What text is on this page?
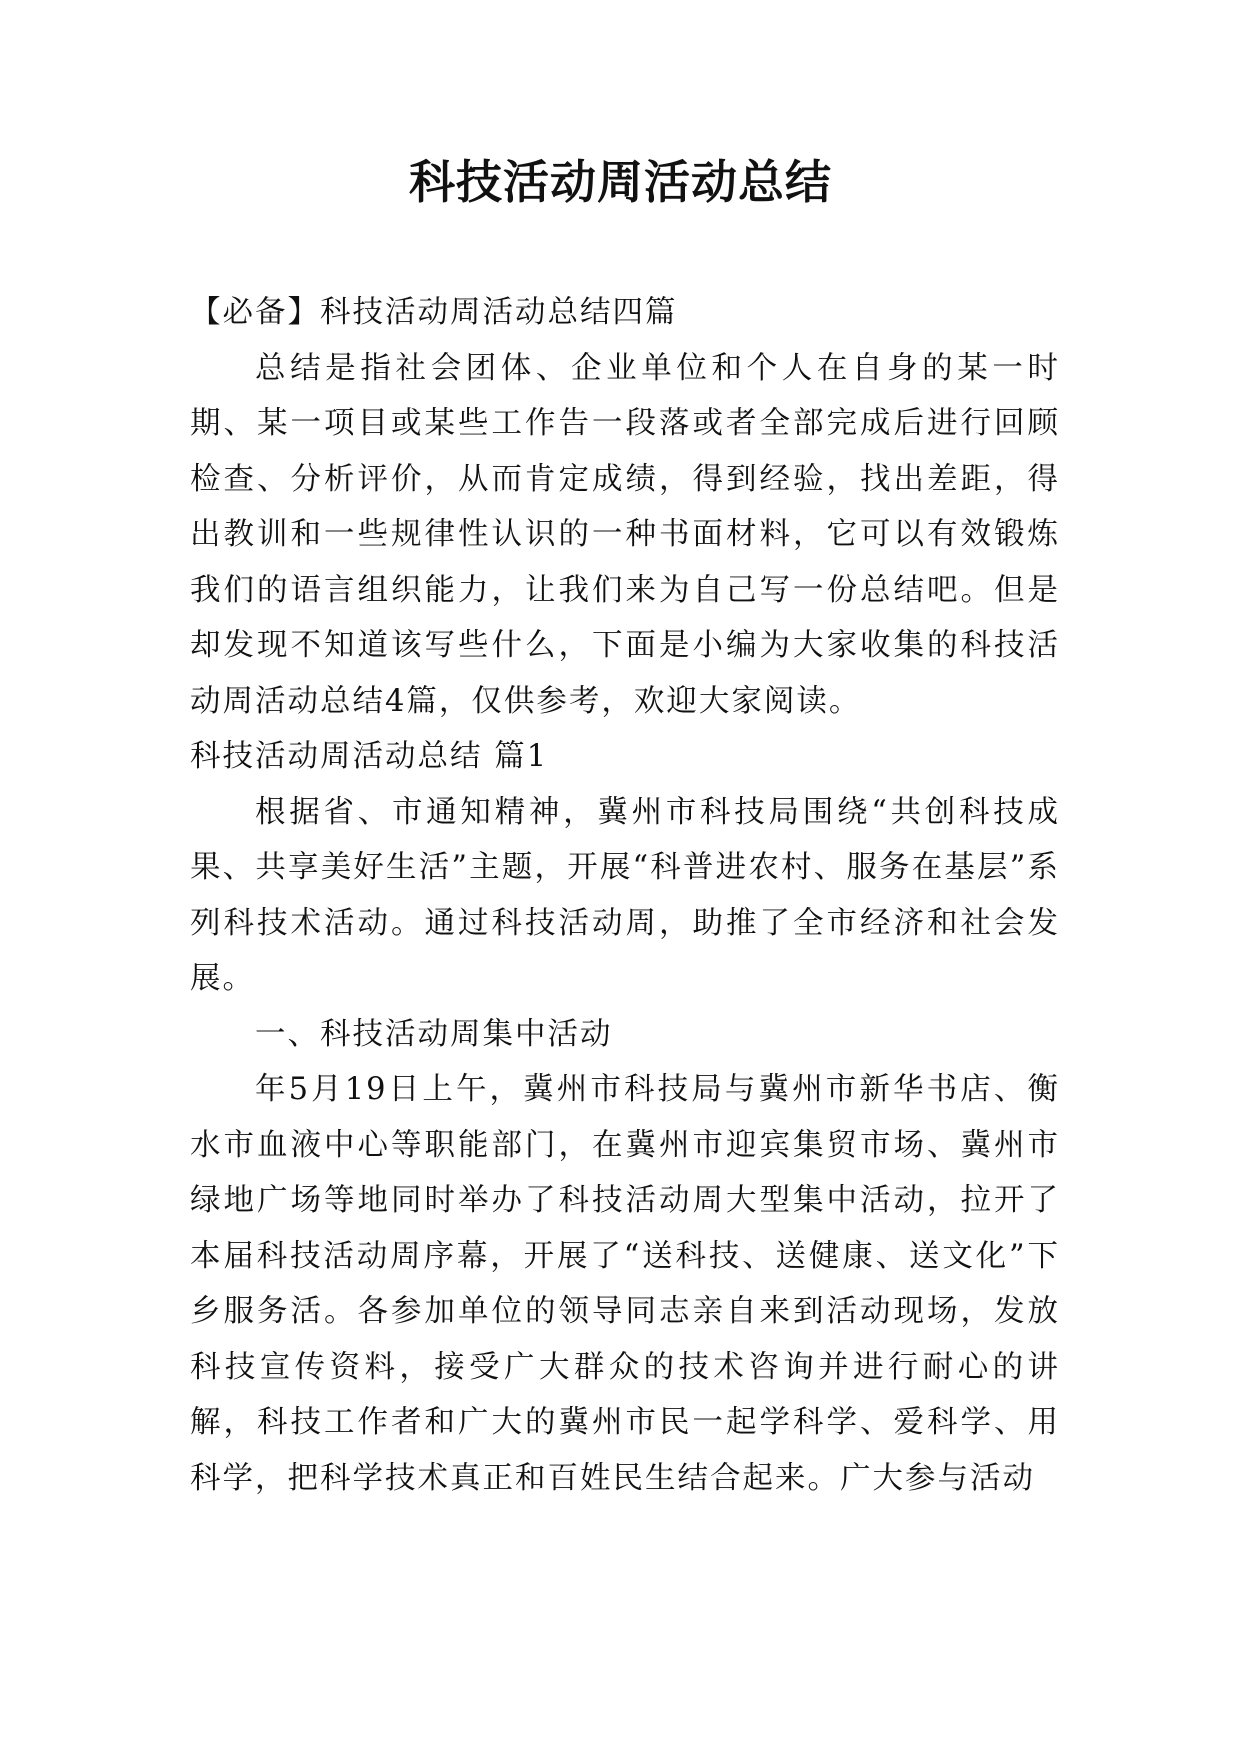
科技活动周活动总结

【必备】科技活动周活动总结四篇

总结是指社会团体、企业单位和个人在自身的某一时期、某一项目或某些工作告一段落或者全部完成后进行回顾检查、分析评价，从而肯定成绩，得到经验，找出差距，得出教训和一些规律性认识的一种书面材料，它可以有效锻炼我们的语言组织能力，让我们来为自己写一份总结吧。但是却发现不知道该写些什么，下面是小编为大家收集的科技活动周活动总结4篇，仅供参考，欢迎大家阅读。

科技活动周活动总结 篇1

根据省、市通知精神，冀州市科技局围绕“共创科技成果、共享美好生活”主题，开展“科普进农村、服务在基层”系列科技术活动。通过科技活动周，助推了全市经济和社会发展。

一、科技活动周集中活动

年5月19日上午，冀州市科技局与冀州市新华书店、衡水市血液中心等职能部门，在冀州市迎宾集贸市场、冀州市绿地广场等地同时举办了科技活动周大型集中活动，拉开了本届科技活动周序幕，开展了“送科技、送健康、送文化”下乡服务活。各参加单位的领导同志亲自来到活动现场，发放科技宣传资料，接受广大群众的技术咨询并进行耐心的讲解，科技工作者和广大的冀州市民一起学科学、爱科学、用科学，把科学技术真正和百姓民生结合起来。广大参与活动
